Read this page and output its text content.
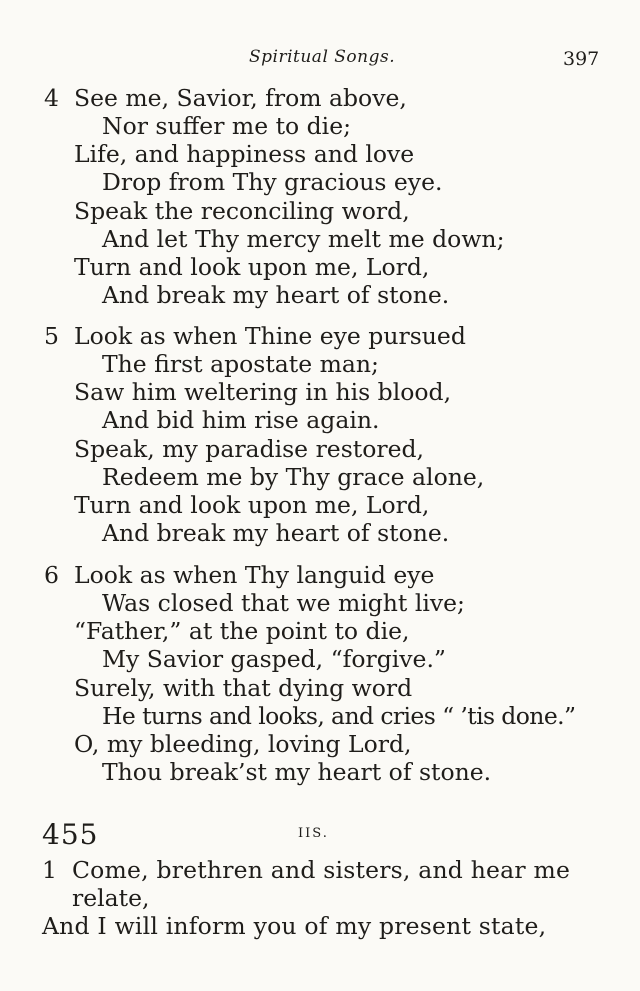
Spiritual Songs.	397
4 See me, Savior, from above,
Nor suffer me to die;
Life, and happiness and love
Drop from Thy gracious eye.
Speak the reconciling word,
And let Thy mercy melt me down;
Turn and look upon me, Lord,
And break my heart of stone.
5 Look as when Thine eye pursued
The first apostate man;
Saw him weltering in his blood,
And bid him rise again.
Speak, my paradise restored,
Redeem me by Thy grace alone,
Turn and look upon me, Lord,
And break my heart of stone.
6 Look as when Thy languid eye
Was closed that we might live;
“Father,” at the point to die,
My Savior gasped, “forgive.”
Surely, with that dying word
He turns and looks, and cries “ ’tis done.”
O, my bleeding, loving Lord,
Thou break’st my heart of stone.
455	IIS.
1 Come, brethren and sisters, and hear me
relate,
And I will inform you of my present state,
